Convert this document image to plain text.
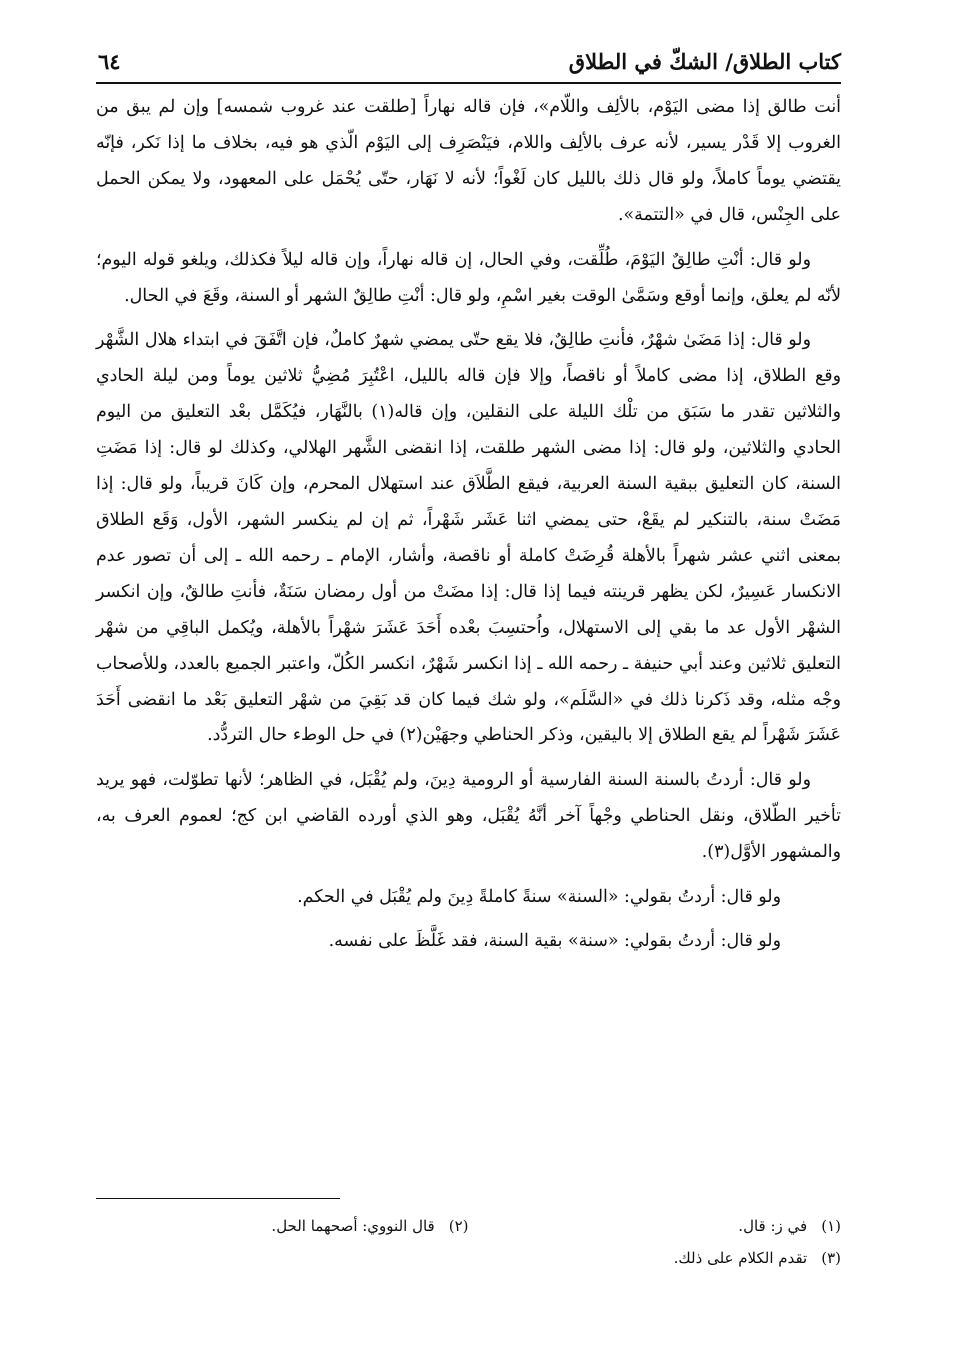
كتاب الطلاق/ الشكّ في الطلاق
٦٤

أنت طالق إذا مضى اليَوْم، بالألِف واللّام»، فإن قاله نهاراً [طلقت عند غروب شمسه] وإن لم يبق من الغروب إلا قَدْر يسير، لأنه عرف بالألِف واللام، فيَنْصَرِف إلى اليَوْم الّذي هو فيه، بخلاف ما إذا نَكر، فإنّه يقتضي يوماً كاملاً، ولو قال ذلك بالليل كان لَغْواً؛ لأنه لا نَهَار، حتّى يُحْمَل على المعهود، ولا يمكن الحمل على الجِنْس، قال في «التتمة».

ولو قال: أنْتِ طالِقٌ اليَوْمَ، طُلِّقت، وفي الحال، إن قاله نهاراً، وإن قاله ليلاً فكذلك، ويلغو قوله اليوم؛ لأنّه لم يعلق، وإنما أوقع وسَمَّىٰ الوقت بغير اسْمِ، ولو قال: أنْتِ طالِقٌ الشهر أو السنة، وقَعَ في الحال.

ولو قال: إذا مَضَىٰ شهْرٌ، فأنتِ طالِقٌ، فلا يقع حتّى يمضي شهرٌ كاملٌ، فإن اتَّفَقَ في ابتداء هلال الشَّهْر وقع الطلاق، إذا مضى كاملاً أو ناقصاً، وإلا فإن قاله بالليل، اعْتُبِرَ مُضِيُّ ثلاثين يوماً ومن ليلة الحادي والثلاثين تقدر ما سَبَق من تلْك الليلة على النقلين، وإن قاله(١) بالنَّهَار، فيُكَمَّل بعْد التعليق من اليوم الحادي والثلاثين، ولو قال: إذا مضى الشهر طلقت، إذا انقضى الشَّهر الهلالي، وكذلك لو قال: إذا مَضَتِ السنة، كان التعليق ببقية السنة العربية، فيقع الطَّلاَق عند استهلال المحرم، وإن كَانَ قريباً، ولو قال: إذا مَضَتْ سنة، بالتنكير لم يقَعْ، حتى يمضي اثنا عَشَر شَهْراً، ثم إن لم ينكسر الشهر، الأول، وَقَع الطلاق بمعنى اثني عشر شهراً بالأهلة قُرِضَتْ كاملة أو ناقصة، وأشار، الإمام ـ رحمه الله ـ إلى أن تصور عدم الانكسار عَسِيرٌ، لكن يظهر قرينته فيما إذا قال: إذا مضَتْ من أول رمضان سَنَةٌ، فأنتِ طالقٌ، وإن انكسر الشهْر الأول عد ما بقي إلى الاستهلال، واُحتسِبَ بعْده أَحَدَ عَشَرَ شهْراً بالأهلة، ويُكمل الباقِي من شهْر التعليق ثلاثين وعند أبي حنيفة ـ رحمه الله ـ إذا انكسر شَهْرٌ، انكسر الكُلّ، واعتبر الجميع بالعدد، وللأصحاب وجْه مثله، وقد ذَكرنا ذلك في «السَّلَم»، ولو شك فيما كان قد بَقِيَ من شهْر التعليق بَعْد ما انقضى أَحَدَ عَشَرَ شَهْراً لم يقع الطلاق إلا باليقين، وذكر الحناطي وجهَيْن(٢) في حل الوطء حال التردُّد.

ولو قال: أردتُ بالسنة السنة الفارسية أو الرومية دِينَ، ولم يُقْبَل، في الظاهر؛ لأنها تطوّلت، فهو يريد تأخير الطّلاق، ونقل الحناطي وجْهاً آخر أنَّهُ يُقْبَل، وهو الذي أورده القاضي ابن كج؛ لعموم العرف به، والمشهور الأوَّل(٣).

ولو قال: أردتُ بقولي: «السنة» سنةً كاملةً دِينَ ولم يُقْبَل في الحكم.

ولو قال: أردتُ بقولي: «سنة» بقية السنة، فقد غَلَّظَ على نفسه.

(١)في ز: قال.
(٢)قال النووي: أصحهما الحل.
(٣)تقدم الكلام على ذلك.
